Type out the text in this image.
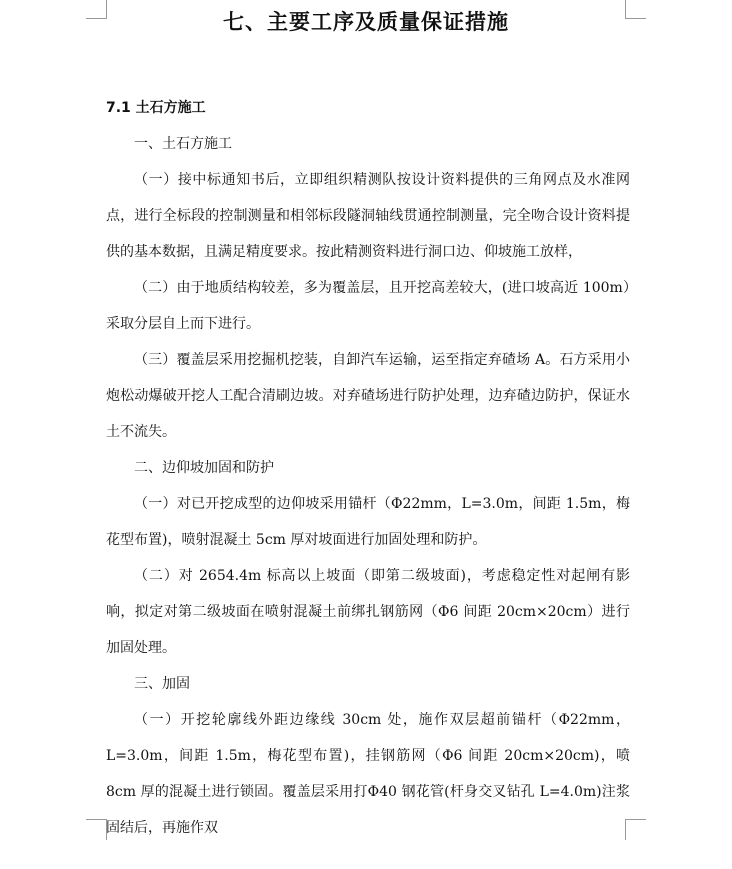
七、主要工序及质量保证措施

7.1 土石方施工

一、土石方施工

（一）接中标通知书后，立即组织精测队按设计资料提供的三角网点及水准网点，进行全标段的控制测量和相邻标段隧洞轴线贯通控制测量，完全吻合设计资料提供的基本数据，且满足精度要求。按此精测资料进行洞口边、仰坡施工放样，

（二）由于地质结构较差，多为覆盖层，且开挖高差较大，(进口坡高近 100m）采取分层自上而下进行。

（三）覆盖层采用挖掘机挖装，自卸汽车运输，运至指定弃碴场 A。石方采用小炮松动爆破开挖人工配合清刷边坡。对弃碴场进行防护处理，边弃碴边防护，保证水土不流失。

二、边仰坡加固和防护

（一）对已开挖成型的边仰坡采用锚杆（Φ22mm，L=3.0m，间距 1.5m，梅花型布置)，喷射混凝土 5cm 厚对坡面进行加固处理和防护。

（二）对 2654.4m 标高以上坡面（即第二级坡面)，考虑稳定性对起闸有影响，拟定对第二级坡面在喷射混凝土前绑扎钢筋网（Φ6 间距 20cm×20cm）进行加固处理。

三、加固

（一）开挖轮廓线外距边缘线 30cm 处，施作双层超前锚杆（Φ22mm，L=3.0m，间距 1.5m，梅花型布置)，挂钢筋网（Φ6 间距 20cm×20cm)，喷 8cm 厚的混凝土进行锁固。覆盖层采用打Φ40 钢花管(杆身交叉钻孔 L=4.0m)注浆固结后，再施作双
